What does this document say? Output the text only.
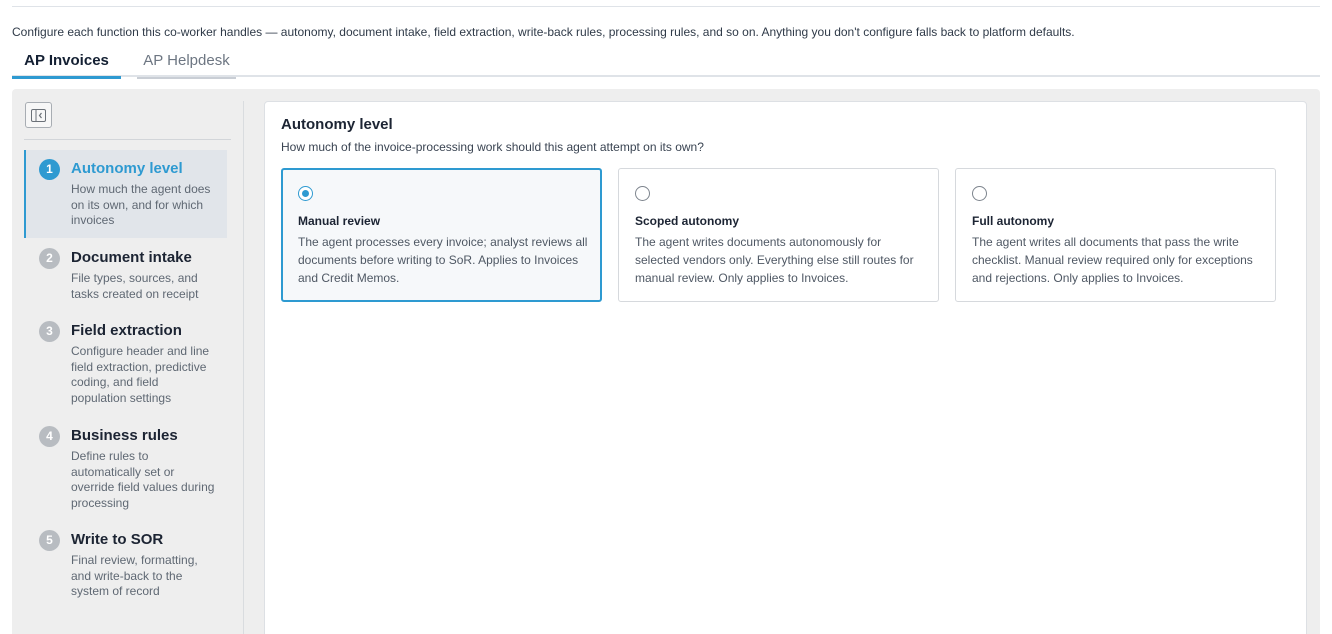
Configure each function this co-worker handles — autonomy, document intake, field extraction, write-back rules, processing rules, and so on. Anything you don't configure falls back to platform defaults.
AP Invoices	AP Helpdesk
1	Autonomy level
How much the agent does on its own, and for which invoices
2	Document intake
File types, sources, and tasks created on receipt
3	Field extraction
Configure header and line field extraction, predictive coding, and field population settings
4	Business rules
Define rules to automatically set or override field values during processing
5	Write to SOR
Final review, formatting, and write-back to the system of record
Autonomy level
How much of the invoice-processing work should this agent attempt on its own?
Manual review
The agent processes every invoice; analyst reviews all documents before writing to SoR. Applies to Invoices and Credit Memos.
Scoped autonomy
The agent writes documents autonomously for selected vendors only. Everything else still routes for manual review. Only applies to Invoices.
Full autonomy
The agent writes all documents that pass the write checklist. Manual review required only for exceptions and rejections. Only applies to Invoices.
